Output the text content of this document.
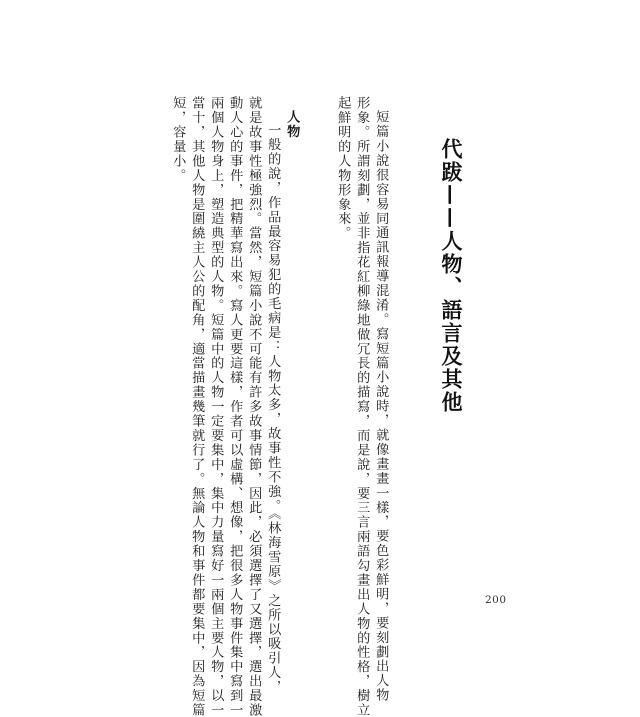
代跋——人物、語言及其他
短篇小說很容易同通訊報導混淆。寫短篇小說時，就像畫畫一樣，要色彩鮮明，要刻劃出人物
形象。所謂刻劃，並非指花紅柳綠地做冗長的描寫，而是說，要三言兩語勾畫出人物的性格，樹立
起鮮明的人物形象來。
人物
一般的說，作品最容易犯的毛病是：人物太多，故事性不強。《林海雪原》之所以吸引人，
就是故事性極強烈。當然，短篇小說不可能有許多故事情節，因此，必須選擇了又選擇，選出最激
動人心的事件，把精華寫出來。寫人更要這樣，作者可以虛構、想像，把很多人物事件集中寫到一
兩個人物身上，塑造典型的人物。短篇中的人物一定要集中，集中力量寫好一兩個主要人物，以一
當十，其他人物是圍繞主人公的配角，適當描畫幾筆就行了。無論人物和事件都要集中，因為短篇
短，容量小。
200
